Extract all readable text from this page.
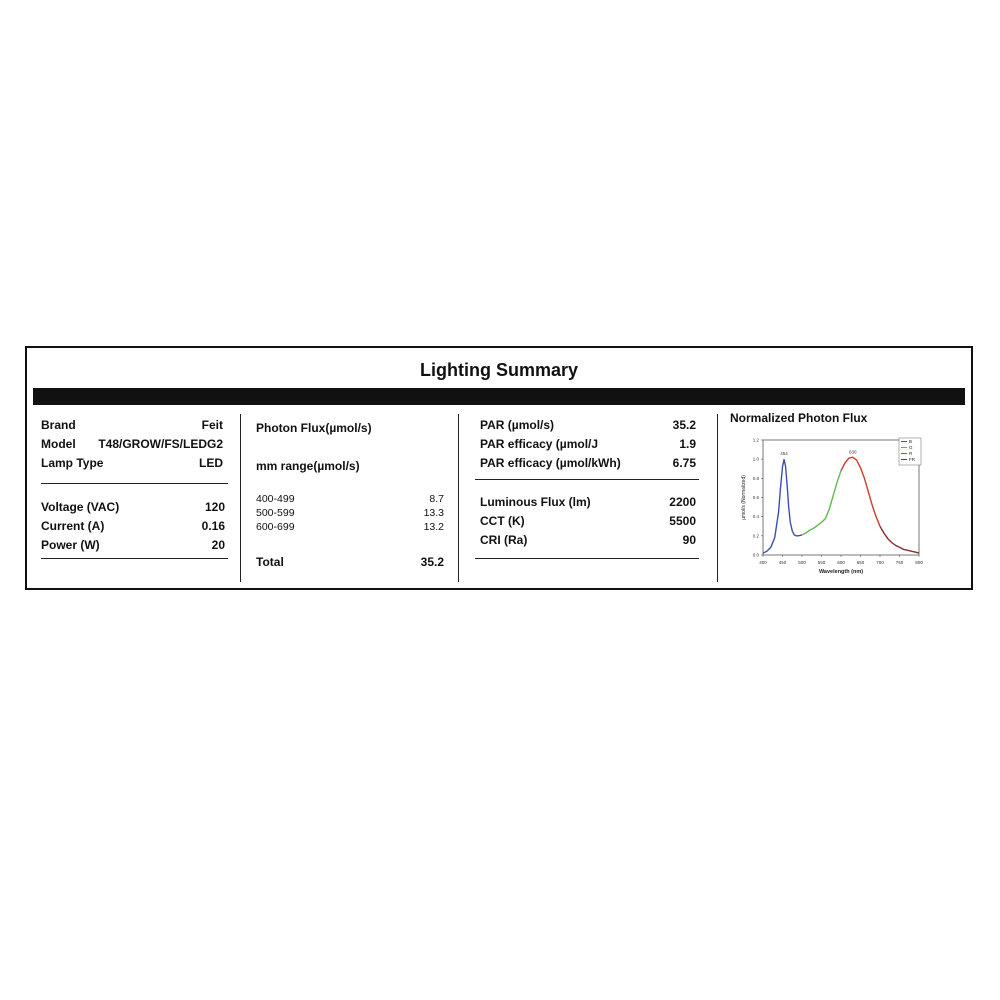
Lighting Summary
Brand	Feit
Model T48/GROW/FS/LEDG2
Lamp Type	LED
Voltage (VAC)	120
Current (A)	0.16
Power (W)	20
Photon Flux(µmol/s)
mm range(µmol/s)
400-499	8.7
500-599	13.3
600-699	13.2
Total	35.2
PAR (µmol/s)	35.2
PAR efficacy (µmol/J	1.9
PAR efficacy (µmol/kWh)	6.75
Luminous Flux (lm)	2200
CCT (K)	5500
CRI (Ra)	90
Normalized Photon Flux
400	450	500	550	600	650	700	750	800
0.0
0.2
0.4
0.6
0.8
1.0
1.2
Wavelength (nm)
µmol/s (Normalized)
454	630
B
G
R
FR
